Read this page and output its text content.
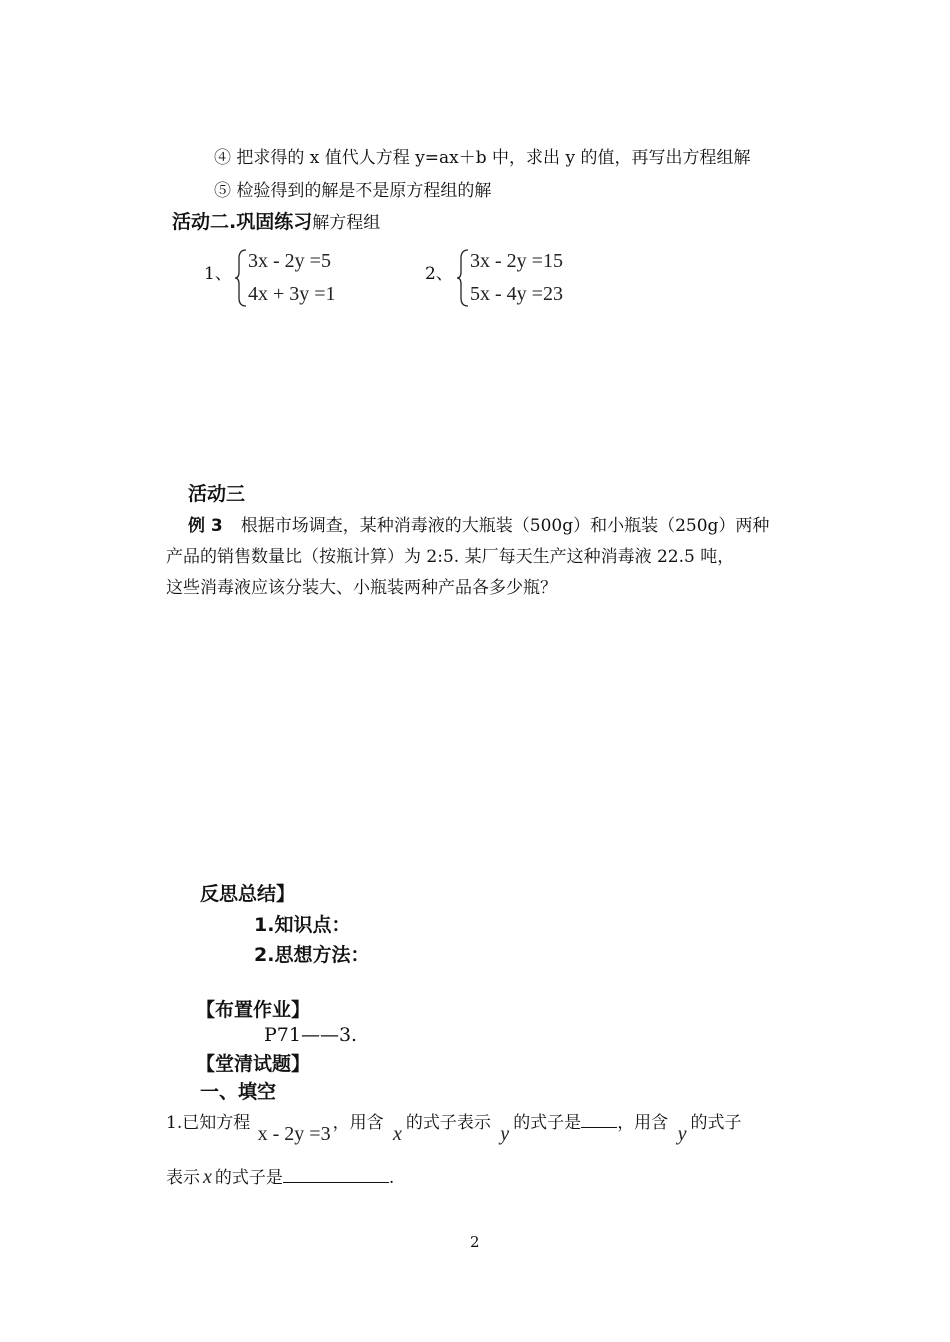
④ 把求得的 x 值代人方程 y=ax＋b 中，求出 y 的值，再写出方程组解
⑤ 检验得到的解是不是原方程组的解
活动二.巩固练习解方程组
1、
3x - 2y =5
4x + 3y =1
2、
3x - 2y =15
5x - 4y =23
活动三
例 3 根据市场调查，某种消毒液的大瓶装（500g）和小瓶装（250g）两种
产品的销售数量比（按瓶计算）为 2:5. 某厂每天生产这种消毒液 22.5 吨，
这些消毒液应该分装大、小瓶装两种产品各多少瓶？
反思总结】
1.知识点：
2.思想方法：
【布置作业】
P71——3.
【堂清试题】
一、填空
1.已知方程 x - 2y =3 ，用含 x 的式子表示 y 的式子是 ，用含 y 的式子
表示 x 的式子是	.
2
